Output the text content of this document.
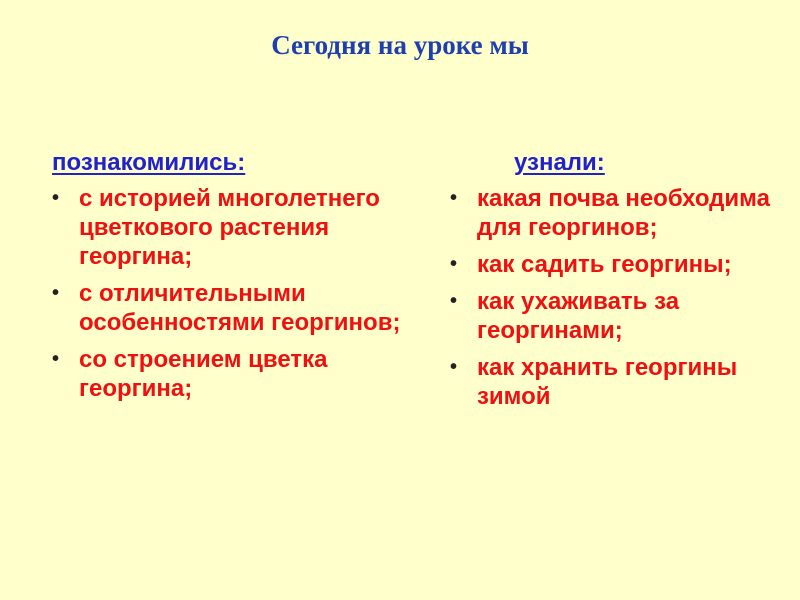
Сегодня на уроке мы
познакомились:
• с историей многолетнего цветкового растения георгина;
• с отличительными особенностями георгинов;
• со строением цветка георгина;
узнали:
• какая почва необходима для георгинов;
• как садить георгины;
• как ухаживать за георгинами;
• как хранить георгины зимой
